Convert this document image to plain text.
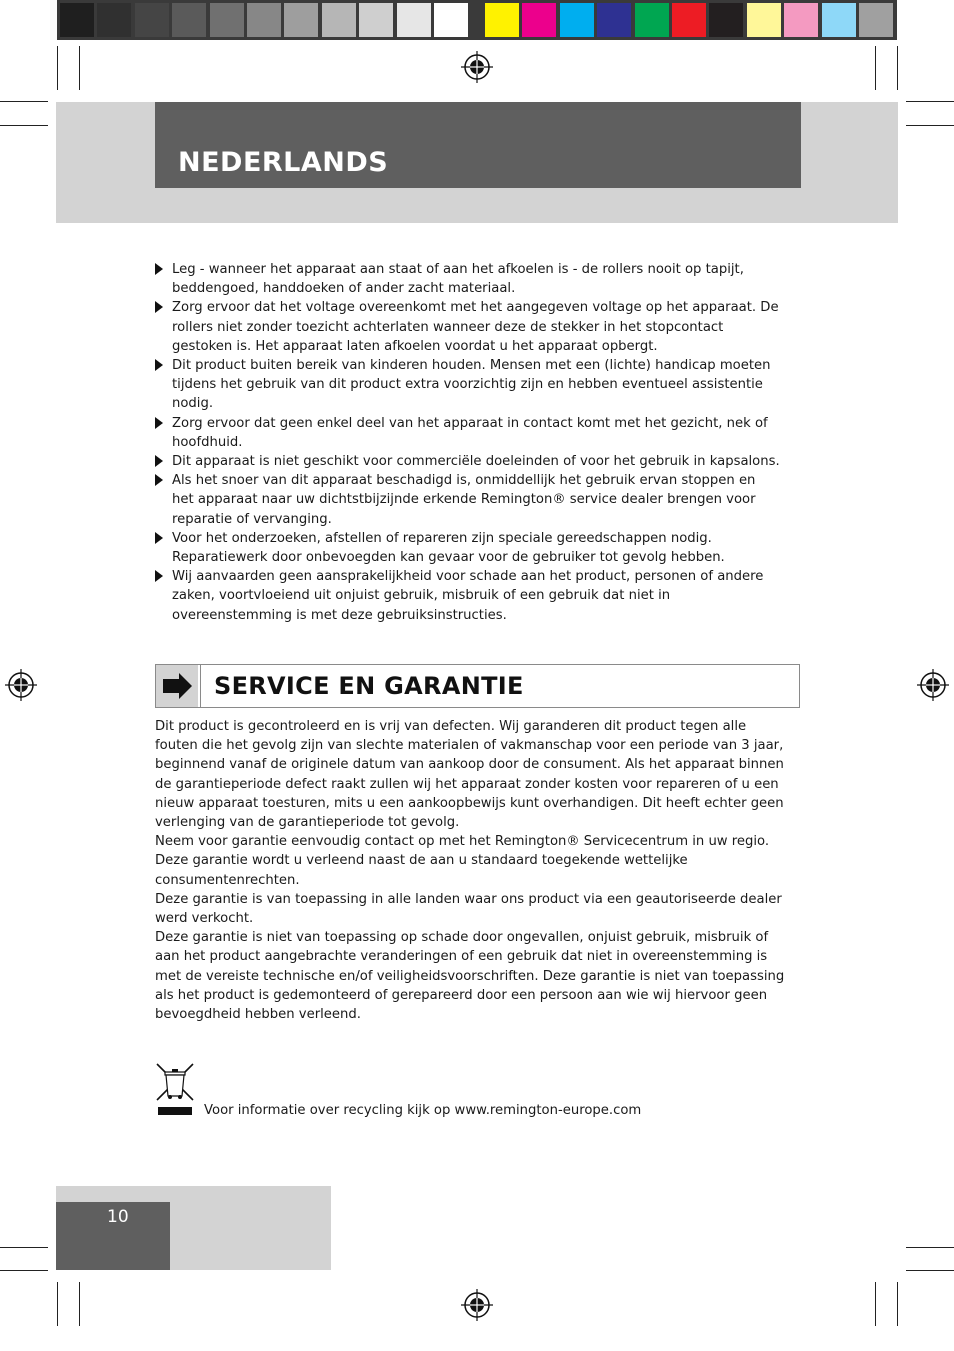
NEDERLANDS
Leg - wanneer het apparaat aan staat of aan het afkoelen is - de rollers nooit op tapijt, beddengoed, handdoeken of ander zacht materiaal.
Zorg ervoor dat het voltage overeenkomt met het aangegeven voltage op het apparaat. De rollers niet zonder toezicht achterlaten wanneer deze de stekker in het stopcontact gestoken is. Het apparaat laten afkoelen voordat u het apparaat opbergt.
Dit product buiten bereik van kinderen houden. Mensen met een (lichte) handicap moeten tijdens het gebruik van dit product extra voorzichtig zijn en hebben eventueel assistentie nodig.
Zorg ervoor dat geen enkel deel van het apparaat in contact komt met het gezicht, nek of hoofdhuid.
Dit apparaat is niet geschikt voor commerciële doeleinden of voor het gebruik in kapsalons.
Als het snoer van dit apparaat beschadigd is, onmiddellijk het gebruik ervan stoppen en het apparaat naar uw dichtstbijzijnde erkende Remington® service dealer brengen voor reparatie of vervanging.
Voor het onderzoeken, afstellen of repareren zijn speciale gereedschappen nodig. Reparatiewerk door onbevoegden kan gevaar voor de gebruiker tot gevolg hebben.
Wij aanvaarden geen aansprakelijkheid voor schade aan het product, personen of andere zaken, voortvloeiend uit onjuist gebruik, misbruik of een gebruik dat niet in overeenstemming is met deze gebruiksinstructies.
SERVICE EN GARANTIE

Dit product is gecontroleerd en is vrij van defecten. Wij garanderen dit product tegen alle fouten die het gevolg zijn van slechte materialen of vakmanschap voor een periode van 3 jaar, beginnend vanaf de originele datum van aankoop door de consument. Als het apparaat binnen de garantieperiode defect raakt zullen wij het apparaat zonder kosten voor repareren of u een nieuw apparaat toesturen, mits u een aankoopbewijs kunt overhandigen. Dit heeft echter geen verlenging van de garantieperiode tot gevolg.

Neem voor garantie eenvoudig contact op met het Remington® Servicecentrum in uw regio.

Deze garantie wordt u verleend naast de aan u standaard toegekende wettelijke consumentenrechten.

Deze garantie is van toepassing in alle landen waar ons product via een geautoriseerde dealer werd verkocht.

Deze garantie is niet van toepassing op schade door ongevallen, onjuist gebruik, misbruik of aan het product aangebrachte veranderingen of een gebruik dat niet in overeenstemming is met de vereiste technische en/of veiligheidsvoorschriften. Deze garantie is niet van toepassing als het product is gedemonteerd of gerepareerd door een persoon aan wie wij hiervoor geen bevoegdheid hebben verleend.

Voor informatie over recycling kijk op www.remington-europe.com
10
